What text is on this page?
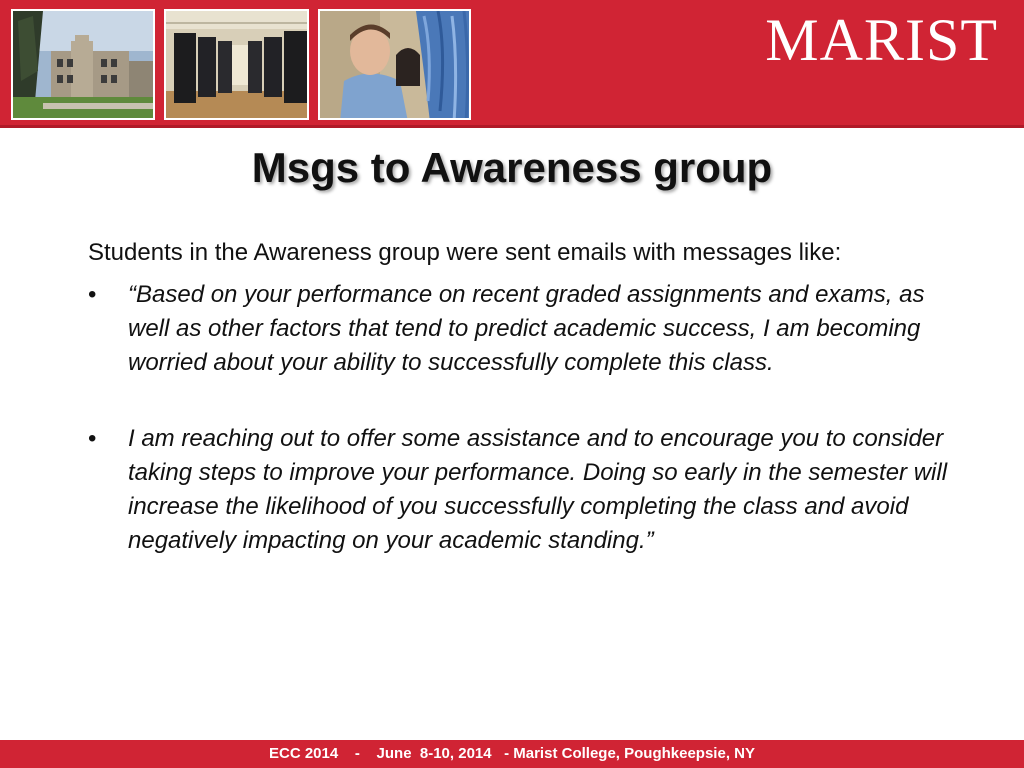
MARIST
Msgs to Awareness group

Students in the Awareness group were sent emails with messages like:

• “Based on your performance on recent graded assignments and exams, as well as other factors that tend to predict academic success, I am becoming worried about your ability to successfully complete this class.
• I am reaching out to offer some assistance and to encourage you to consider taking steps to improve your performance. Doing so early in the semester will increase the likelihood of you successfully completing the class and avoid negatively impacting on your academic standing.”
ECC 2014    -    June  8-10, 2014   - Marist College, Poughkeepsie, NY
